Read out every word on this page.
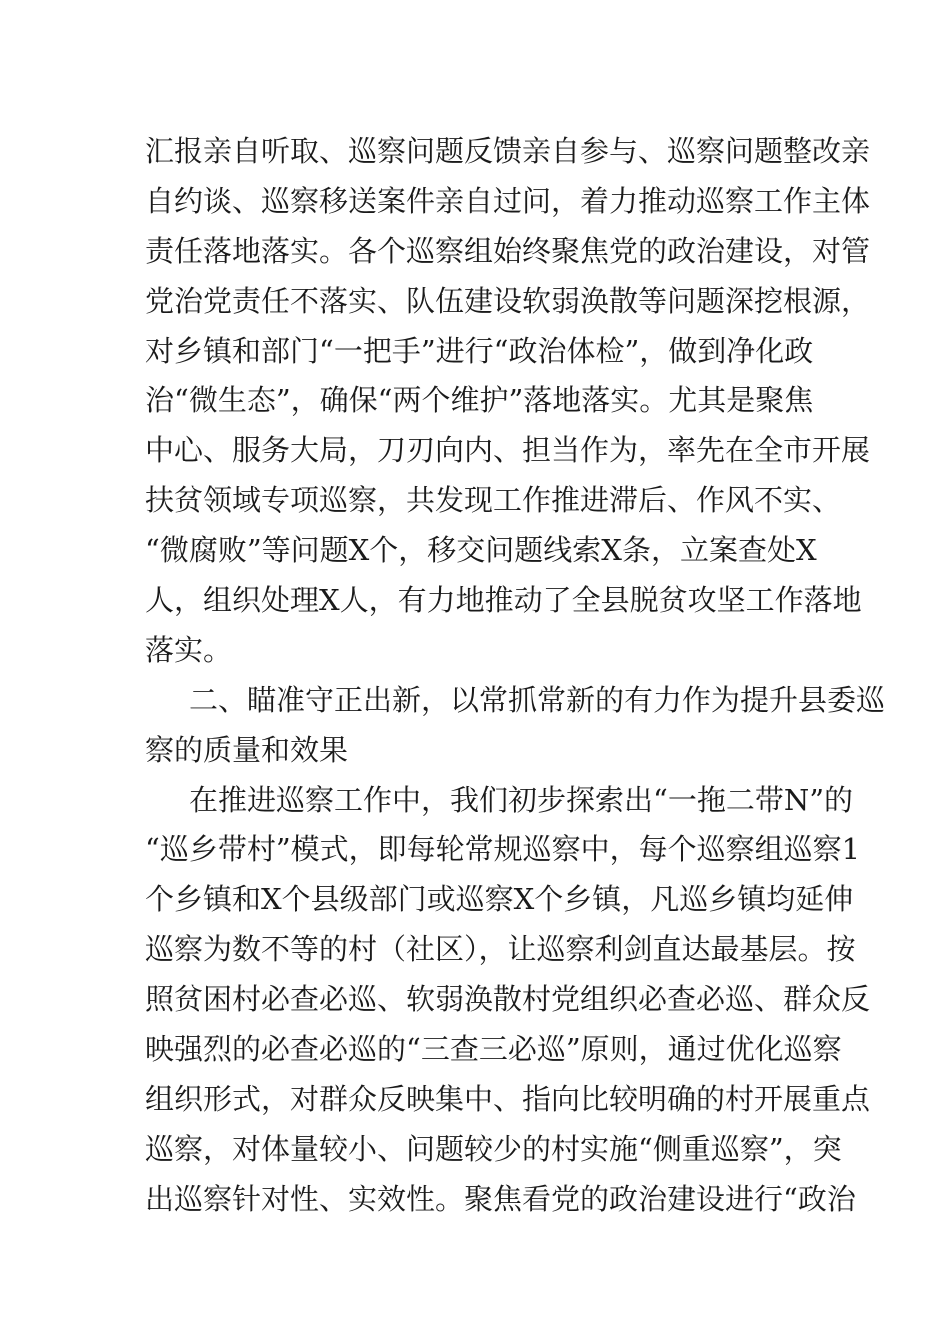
汇报亲自听取、巡察问题反馈亲自参与、巡察问题整改亲
自约谈、巡察移送案件亲自过问，着力推动巡察工作主体
责任落地落实。各个巡察组始终聚焦党的政治建设，对管
党治党责任不落实、队伍建设软弱涣散等问题深挖根源，
对乡镇和部门“一把手”进行“政治体检”，做到净化政
治“微生态”，确保“两个维护”落地落实。尤其是聚焦
中心、服务大局，刀刃向内、担当作为，率先在全市开展
扶贫领域专项巡察，共发现工作推进滞后、作风不实、
“微腐败”等问题X个，移交问题线索X条，立案查处X
人，组织处理X人，有力地推动了全县脱贫攻坚工作落地
落实。
二、瞄准守正出新，以常抓常新的有力作为提升县委巡
察的质量和效果
在推进巡察工作中，我们初步探索出“一拖二带N”的
“巡乡带村”模式，即每轮常规巡察中，每个巡察组巡察1
个乡镇和X个县级部门或巡察X个乡镇，凡巡乡镇均延伸
巡察为数不等的村（社区），让巡察利剑直达最基层。按
照贫困村必查必巡、软弱涣散村党组织必查必巡、群众反
映强烈的必查必巡的“三查三必巡”原则，通过优化巡察
组织形式，对群众反映集中、指向比较明确的村开展重点
巡察，对体量较小、问题较少的村实施“侧重巡察”，突
出巡察针对性、实效性。聚焦看党的政治建设进行“政治
